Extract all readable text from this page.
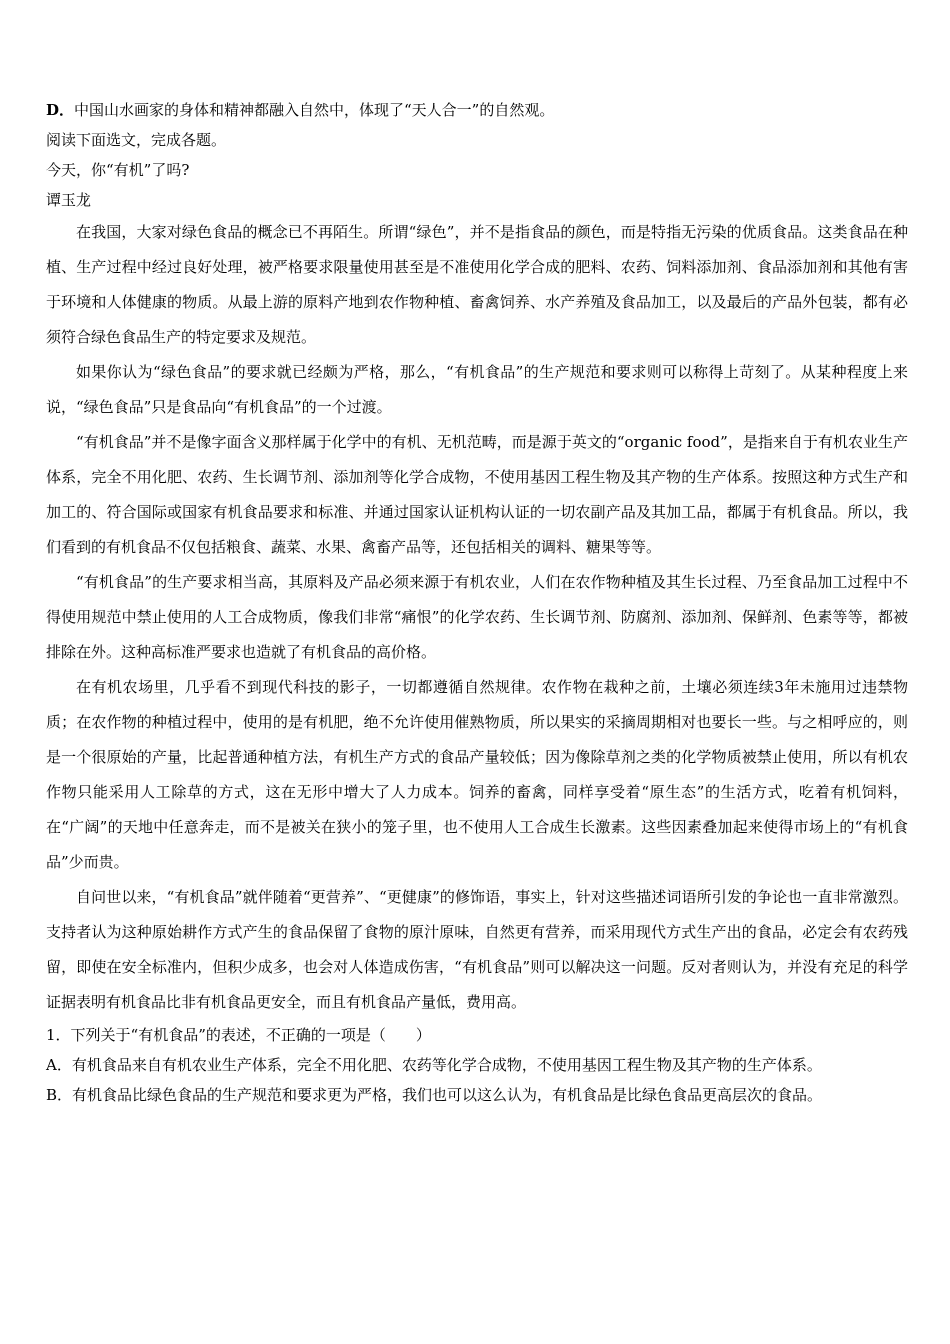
D．中国山水画家的身体和精神都融入自然中，体现了“天人合一”的自然观。

阅读下面选文，完成各题。

今天，你“有机”了吗?

谭玉龙

在我国，大家对绿色食品的概念已不再陌生。所谓“绿色”，并不是指食品的颜色，而是特指无污染的优质食品。这类食品在种植、生产过程中经过良好处理，被严格要求限量使用甚至是不准使用化学合成的肥料、农药、饲料添加剂、食品添加剂和其他有害于环境和人体健康的物质。从最上游的原料产地到农作物种植、畜禽饲养、水产养殖及食品加工，以及最后的产品外包装，都有必须符合绿色食品生产的特定要求及规范。

如果你认为“绿色食品”的要求就已经颇为严格，那么，“有机食品”的生产规范和要求则可以称得上苛刻了。从某种程度上来说，“绿色食品”只是食品向“有机食品”的一个过渡。

“有机食品”并不是像字面含义那样属于化学中的有机、无机范畴，而是源于英文的“organic food”，是指来自于有机农业生产体系，完全不用化肥、农药、生长调节剂、添加剂等化学合成物，不使用基因工程生物及其产物的生产体系。按照这种方式生产和加工的、符合国际或国家有机食品要求和标准、并通过国家认证机构认证的一切农副产品及其加工品，都属于有机食品。所以，我们看到的有机食品不仅包括粮食、蔬菜、水果、禽畜产品等，还包括相关的调料、糖果等等。

“有机食品”的生产要求相当高，其原料及产品必须来源于有机农业，人们在农作物种植及其生长过程、乃至食品加工过程中不得使用规范中禁止使用的人工合成物质，像我们非常“痛恨”的化学农药、生长调节剂、防腐剂、添加剂、保鲜剂、色素等等，都被排除在外。这种高标准严要求也造就了有机食品的高价格。

在有机农场里，几乎看不到现代科技的影子，一切都遵循自然规律。农作物在栽种之前，土壤必须连续3年未施用过违禁物质；在农作物的种植过程中，使用的是有机肥，绝不允许使用催熟物质，所以果实的采摘周期相对也要长一些。与之相呼应的，则是一个很原始的产量，比起普通种植方法，有机生产方式的食品产量较低；因为像除草剂之类的化学物质被禁止使用，所以有机农作物只能采用人工除草的方式，这在无形中增大了人力成本。饲养的畜禽，同样享受着“原生态”的生活方式，吃着有机饲料，在“广阔”的天地中任意奔走，而不是被关在狭小的笼子里，也不使用人工合成生长激素。这些因素叠加起来使得市场上的“有机食品”少而贵。

自问世以来，“有机食品”就伴随着“更营养”、“更健康”的修饰语，事实上，针对这些描述词语所引发的争论也一直非常激烈。支持者认为这种原始耕作方式产生的食品保留了食物的原汁原味，自然更有营养，而采用现代方式生产出的食品，必定会有农药残留，即使在安全标准内，但积少成多，也会对人体造成伤害，“有机食品”则可以解决这一问题。反对者则认为，并没有充足的科学证据表明有机食品比非有机食品更安全，而且有机食品产量低，费用高。

1．下列关于“有机食品”的表述，不正确的一项是（　　）

A．有机食品来自有机农业生产体系，完全不用化肥、农药等化学合成物，不使用基因工程生物及其产物的生产体系。

B．有机食品比绿色食品的生产规范和要求更为严格，我们也可以这么认为，有机食品是比绿色食品更高层次的食品。
